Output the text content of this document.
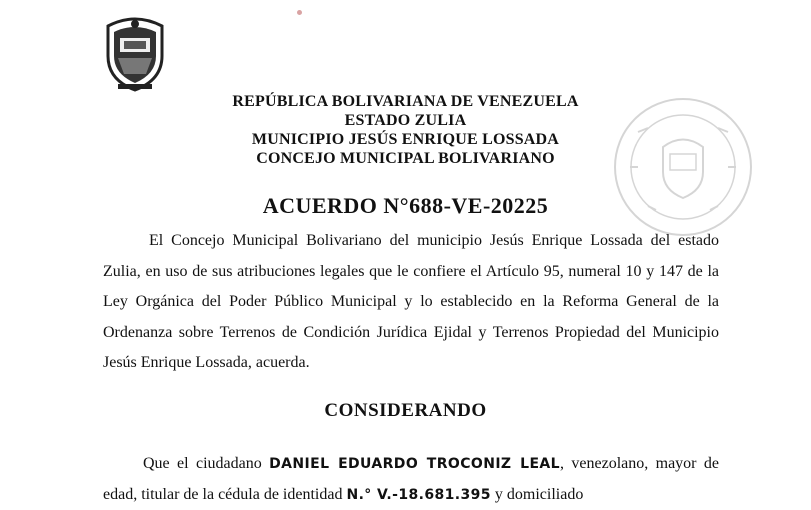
REPÚBLICA BOLIVARIANA DE VENEZUELA
ESTADO ZULIA
MUNICIPIO JESÚS ENRIQUE LOSSADA
CONCEJO MUNICIPAL BOLIVARIANO
ACUERDO N°688-VE-20225
El Concejo Municipal Bolivariano del municipio Jesús Enrique Lossada del estado Zulia, en uso de sus atribuciones legales que le confiere el Artículo 95, numeral 10 y 147 de la Ley Orgánica del Poder Público Municipal y lo establecido en la Reforma General de la Ordenanza sobre Terrenos de Condición Jurídica Ejidal y Terrenos Propiedad del Municipio Jesús Enrique Lossada, acuerda.
CONSIDERANDO
Que el ciudadano DANIEL EDUARDO TROCONIZ LEAL, venezolano, mayor de edad, titular de la cédula de identidad N.° V.-18.681.395 y domiciliado
